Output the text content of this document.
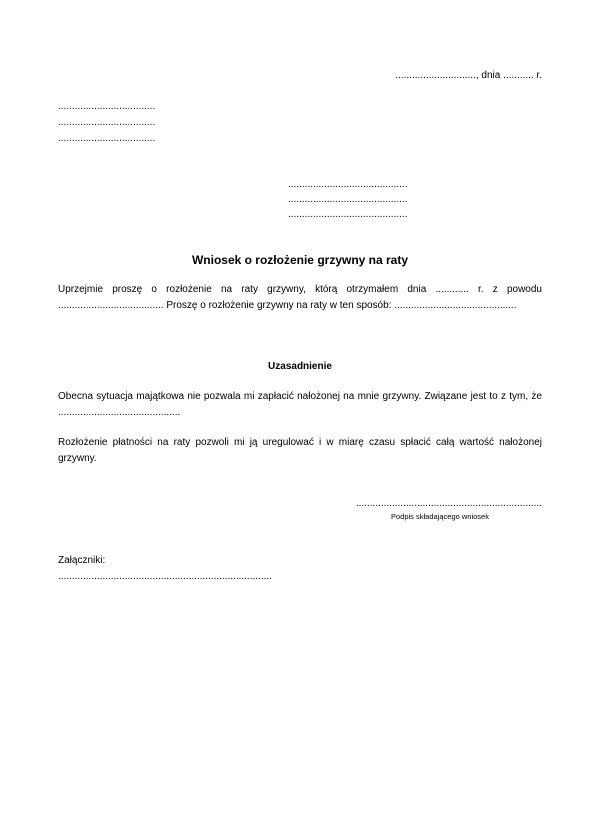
............................., dnia ........... r.
...................................
...................................
...................................
...........................................
...........................................
...........................................
Wniosek o rozłożenie grzywny na raty
Uprzejmie proszę o rozłożenie na raty grzywny, którą otrzymałem dnia ............ r. z powodu ...................................... Proszę o rozłożenie grzywny na raty w ten sposób: ............................................
Uzasadnienie
Obecna sytuacja majątkowa nie pozwala mi zapłacić nałożonej na mnie grzywny. Związane jest to z tym, że ............................................
Rozłożenie płatności na raty pozwoli mi ją uregulować i w miarę czasu spłacić całą wartość nałożonej grzywny.
...................................................................
Podpis składającego wniosek
Załączniki:
.............................................................................
